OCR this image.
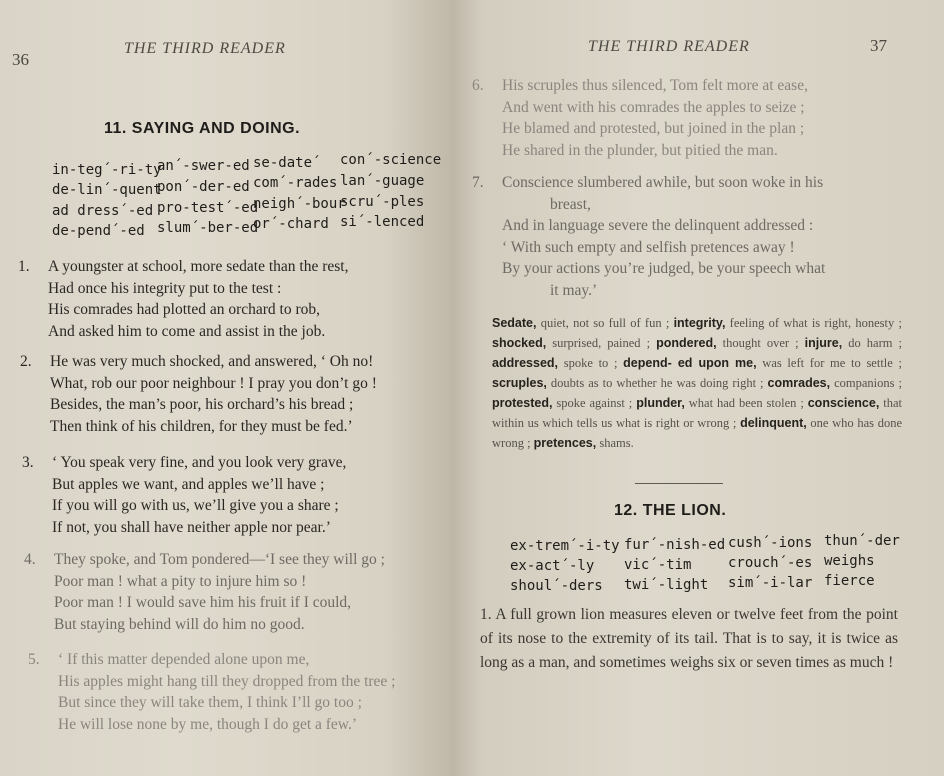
36
THE THIRD READER
11. SAYING AND DOING.
in-teg´-ri-ty
an´-swer-ed se-date´ con´-science
de-lin´-quent
pon´-der-ed com´-rades lan´-guage
ad dress´-ed pro-test´-ed
neigh´-bour
scru´-ples
de-pend´-ed slum´-ber-ed
or´-chard si´-lenced
1. A youngster at school, more sedate than the rest,
Had once his integrity put to the test :
His comrades had plotted an orchard to rob,
And asked him to come and assist in the job.
2. He was very much shocked, and answered, ‘ Oh no!
What, rob our poor neighbour ! I pray you don’t go !
Besides, the man’s poor, his orchard’s his bread ;
Then think of his children, for they must be fed.’
3. ‘ You speak very fine, and you look very grave,
But apples we want, and apples we’ll have ;
If you will go with us, we’ll give you a share ;
If not, you shall have neither apple nor pear.’
4. They spoke, and Tom pondered—‘I see they will go ;
Poor man ! what a pity to injure him so !
Poor man ! I would save him his fruit if I could,
But staying behind will do him no good.
5. ‘ If this matter depended alone upon me,
His apples might hang till they dropped from the tree ;
But since they will take them, I think I’ll go too ;
He will lose none by me, though I do get a few.’
THE THIRD READER	37
6. His scruples thus silenced, Tom felt more at ease,
And went with his comrades the apples to seize ;
He blamed and protested, but joined in the plan ;
He shared in the plunder, but pitied the man.
7. Conscience slumbered awhile, but soon woke in his
breast,
And in language severe the delinquent addressed :
‘ With such empty and selfish pretences away !
By your actions you’re judged, be your speech what
it may.’
Sedate, quiet, not so full of fun ; integrity, feeling of what is right, honesty ; shocked, surprised, pained ; pondered, thought over ; injure, do harm ; addressed, spoke to ; depend- ed upon me, was left for me to settle ; scruples, doubts as to whether he was doing right ; comrades, companions ; protested, spoke against ; plunder, what had been stolen ; conscience, that within us which tells us what is right or wrong ; delinquent, one who has done wrong ; pretences, shams.
12. THE LION.
ex-trem´-i-ty fur´-nish-ed cush´-ions thun´-der
ex-act´-ly vic´-tim	crouch´-es weighs
shoul´-ders twi´-light sim´-i-lar fierce
1. A full grown lion measures eleven or twelve feet from the point of its nose to the extremity of its tail. That is to say, it is twice as long as a man, and sometimes weighs six or seven times as much !
